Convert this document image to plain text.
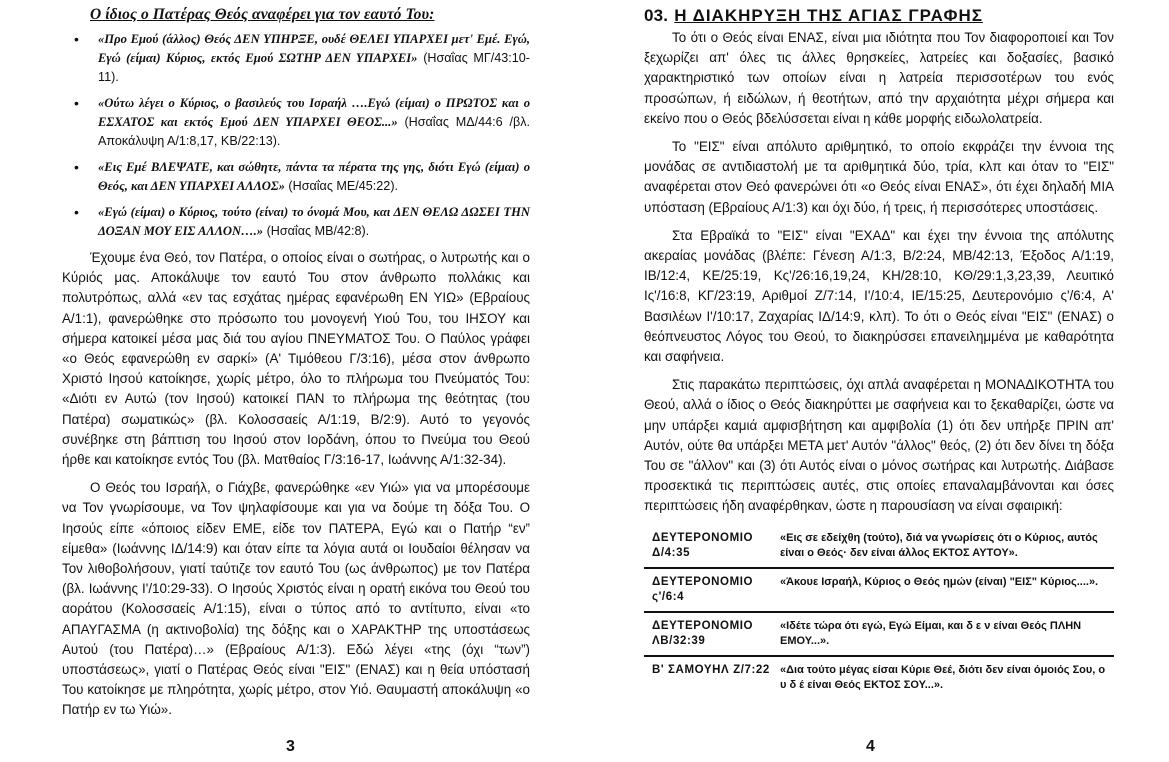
Ο ίδιος ο Πατέρας Θεός αναφέρει για τον εαυτό Του:
• «Προ Εμού (άλλος) Θεός ΔΕΝ ΥΠΗΡΞΕ, ουδέ ΘΕΛΕΙ ΥΠΑΡΧΕΙ μετ' Εμέ. Εγώ, Εγώ (είμαι) Κύριος, εκτός Εμού ΣΩΤΗΡ ΔΕΝ ΥΠΑΡΧΕΙ» (Ησαΐας ΜΓ/43:10-11).
• «Ούτω λέγει ο Κύριος, ο βασιλεύς του Ισραήλ ….Εγώ (είμαι) ο ΠΡΩΤΟΣ και ο ΕΣΧΑΤΟΣ και εκτός Εμού ΔΕΝ ΥΠΑΡΧΕΙ ΘΕΟΣ...» (Ησαΐας ΜΔ/44:6 /βλ. Αποκάλυψη Α/1:8,17, ΚΒ/22:13).
• «Εις Εμέ ΒΛΕΨΑΤΕ, και σώθητε, πάντα τα πέρατα της γης, διότι Εγώ (είμαι) ο Θεός, και ΔΕΝ ΥΠΑΡΧΕΙ ΑΛΛΟΣ» (Ησαΐας ΜΕ/45:22).
• «Εγώ (είμαι) ο Κύριος, τούτο (είναι) το όνομά Μου, και ΔΕΝ ΘΕΛΩ ΔΩΣΕΙ ΤΗΝ ΔΟΞΑΝ ΜΟΥ ΕΙΣ ΑΛΛΟΝ….» (Ησαΐας ΜΒ/42:8).

Έχουμε ένα Θεό, τον Πατέρα, ο οποίος είναι ο σωτήρας, ο λυτρωτής και ο Κύριός μας. Αποκάλυψε τον εαυτό Του στον άνθρωπο πολλάκις και πολυτρόπως, αλλά «εν τας εσχάτας ημέρας εφανέρωθη ΕΝ ΥΙΩ» (Εβραίους Α/1:1), φανερώθηκε στο πρόσωπο του μονογενή Υιού Του, του ΙΗΣΟΥ και σήμερα κατοικεί μέσα μας διά του αγίου ΠΝΕΥΜΑΤΟΣ Του. Ο Παύλος γράφει «ο Θεός εφανερώθη εν σαρκί» (Α' Τιμόθεου Γ/3:16), μέσα στον άνθρωπο Χριστό Ιησού κατοίκησε, χωρίς μέτρο, όλο το πλήρωμα του Πνεύματός Του: «Διότι εν Αυτώ (τον Ιησού) κατοικεί ΠΑΝ το πλήρωμα της θεότητας (του Πατέρα) σωματικώς» (βλ. Κολοσσαείς Α/1:19, Β/2:9). Αυτό το γεγονός συνέβηκε στη βάπτιση του Ιησού στον Ιορδάνη, όπου το Πνεύμα του Θεού ήρθε και κατοίκησε εντός Του (βλ. Ματθαίος Γ/3:16-17, Ιωάννης Α/1:32-34).

Ο Θεός του Ισραήλ, ο Γιάχβε, φανερώθηκε «εν Υιώ» για να μπορέσουμε να Τον γνωρίσουμε, να Τον ψηλαφίσουμε και για να δούμε τη δόξα Του. Ο Ιησούς είπε «όποιος είδεν ΕΜΕ, είδε τον ΠΑΤΕΡΑ, Εγώ και ο Πατήρ “εν” είμεθα» (Ιωάννης ΙΔ/14:9) και όταν είπε τα λόγια αυτά οι Ιουδαίοι θέλησαν να Τον λιθοβολήσουν, γιατί ταύτιζε τον εαυτό Του (ως άνθρωπος) με τον Πατέρα (βλ. Ιωάννης Ι'/10:29-33). Ο Ιησούς Χριστός είναι η ορατή εικόνα του Θεού του αοράτου (Κολοσσαείς Α/1:15), είναι ο τύπος από το αντίτυπο, είναι «το ΑΠΑΥΓΑΣΜΑ (η ακτινοβολία) της δόξης και ο ΧΑΡΑΚΤΗΡ της υποστάσεως Αυτού (του Πατέρα)…» (Εβραίους Α/1:3). Εδώ λέγει «της (όχι “των”) υποστάσεως», γιατί ο Πατέρας Θεός είναι "ΕΙΣ" (ΕΝΑΣ) και η θεία υπόστασή Του κατοίκησε με πληρότητα, χωρίς μέτρο, στον Υιό. Θαυμαστή αποκάλυψη «ο Πατήρ εν τω Υιώ».

3
03. Η ΔΙΑΚΗΡΥΞΗ ΤΗΣ ΑΓΙΑΣ ΓΡΑΦΗΣ

Το ότι ο Θεός είναι ΕΝΑΣ, είναι μια ιδιότητα που Τον διαφοροποιεί και Τον ξεχωρίζει απ' όλες τις άλλες θρησκείες, λατρείες και δοξασίες, βασικό χαρακτηριστικό των οποίων είναι η λατρεία περισσοτέρων του ενός προσώπων, ή ειδώλων, ή θεοτήτων, από την αρχαιότητα μέχρι σήμερα και εκείνο που ο Θεός βδελύσσεται είναι η κάθε μορφής ειδωλολατρεία.

Το "ΕΙΣ" είναι απόλυτο αριθμητικό, το οποίο εκφράζει την έννοια της μονάδας σε αντιδιαστολή με τα αριθμητικά δύο, τρία, κλπ και όταν το "ΕΙΣ" αναφέρεται στον Θεό φανερώνει ότι «ο Θεός είναι ΕΝΑΣ», ότι έχει δηλαδή ΜΙΑ υπόσταση (Εβραίους Α/1:3) και όχι δύο, ή τρεις, ή περισσότερες υποστάσεις.

Στα Εβραϊκά το "ΕΙΣ" είναι "ΕΧΑΔ" και έχει την έννοια της απόλυτης ακεραίας μονάδας (βλέπε: Γένεση Α/1:3, Β/2:24, ΜΒ/42:13, Έξοδος Α/1:19, ΙΒ/12:4, ΚΕ/25:19, Κς'/26:16,19,24, ΚΗ/28:10, ΚΘ/29:1,3,23,39, Λευιτικό Ις'/16:8, ΚΓ/23:19, Αριθμοί Ζ/7:14, Ι'/10:4, ΙΕ/15:25, Δευτερονόμιο ς'/6:4, Α' Βασιλέων Ι'/10:17, Ζαχαρίας ΙΔ/14:9, κλπ). Το ότι ο Θεός είναι "ΕΙΣ" (ΕΝΑΣ) ο θεόπνευστος Λόγος του Θεού, το διακηρύσσει επανειλημμένα με καθαρότητα και σαφήνεια.

Στις παρακάτω περιπτώσεις, όχι απλά αναφέρεται η ΜΟΝΑΔΙΚΟΤΗΤΑ του Θεού, αλλά ο ίδιος ο Θεός διακηρύττει με σαφήνεια και το ξεκαθαρίζει, ώστε να μην υπάρξει καμιά αμφισβήτηση και αμφιβολία (1) ότι δεν υπήρξε ΠΡΙΝ απ' Αυτόν, ούτε θα υπάρξει ΜΕΤΑ μετ' Αυτόν "άλλος" θεός, (2) ότι δεν δίνει τη δόξα Του σε "άλλον" και (3) ότι Αυτός είναι ο μόνος σωτήρας και λυτρωτής. Διάβασε προσεκτικά τις περιπτώσεις αυτές, στις οποίες επαναλαμβάνονται και όσες περιπτώσεις ήδη αναφέρθηκαν, ώστε η παρουσίαση να είναι σφαιρική:

ΔΕΥΤΕΡΟΝΟΜΙΟ Δ/4:35	«Εις σε εδείχθη (τούτο), διά να γνωρίσεις ότι ο Κύριος, αυτός είναι ο Θεός· δεν είναι άλλος ΕΚΤΟΣ ΑΥΤΟΥ».
ΔΕΥΤΕΡΟΝΟΜΙΟ ς'/6:4	«Άκουε Ισραήλ, Κύριος ο Θεός ημών (είναι) "ΕΙΣ" Κύριος....».
ΔΕΥΤΕΡΟΝΟΜΙΟ ΛΒ/32:39	«Ιδέτε τώρα ότι εγώ, Εγώ Είμαι, και δ ε ν είναι Θεός ΠΛΗΝ ΕΜΟΥ...».
Β' ΣΑΜΟΥΗΛ Ζ/7:22	«Δια τούτο μέγας είσαι Κύριε Θεέ, διότι δεν είναι όμοιός Σου, ο υ δ έ είναι Θεός ΕΚΤΟΣ ΣΟΥ...».
4
